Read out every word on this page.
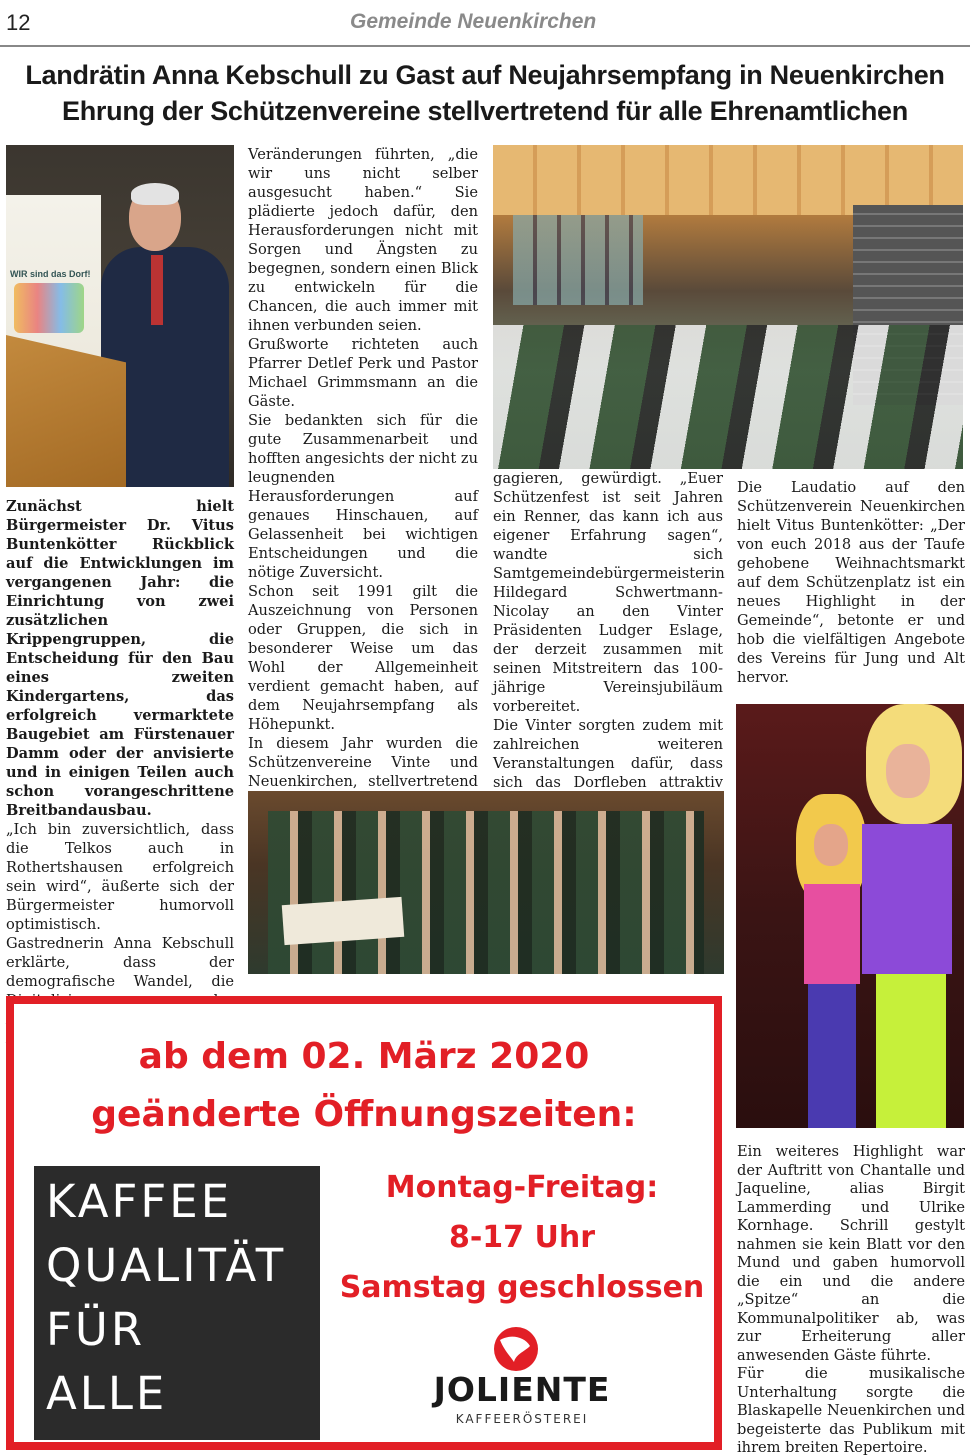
12	Gemeinde Neuenkirchen
Landrätin Anna Kebschull zu Gast auf Neujahrsempfang in Neuenkirchen
Ehrung der Schützenvereine stellvertretend für alle Ehrenamtlichen
WIR sind das Dorf!

Zunächst hielt Bürgermeister Dr. Vitus Buntenkötter Rückblick auf die Entwicklungen im vergangenen Jahr: die Einrichtung von zwei zusätzlichen Krippengruppen, die Entscheidung für den Bau eines zweiten Kindergartens, das erfolgreich vermarktete Baugebiet am Fürstenauer Damm oder der anvisierte und in einigen Teilen auch schon vorangeschrittene Breitbandausbau.

„Ich bin zuversichtlich, dass die Telkos auch in Rothertshausen erfolgreich sein wird“, äußerte sich der Bürgermeister humorvoll optimistisch.

Gastrednerin Anna Kebschull erklärte, dass der demografische Wandel, die

Veränderungen führten, „die wir uns nicht selber ausgesucht haben.“ Sie plädierte jedoch dafür, den Herausforderungen nicht mit Sorgen und Ängsten zu begegnen, sondern einen Blick zu entwickeln für die Chancen, die auch immer mit ihnen verbunden seien.

Grußworte richteten auch Pfarrer Detlef Perk und Pastor Michael Grimmsmann an die Gäste.

Sie bedankten sich für die gute Zusammenarbeit und hofften angesichts der nicht zu leugnenden Herausforderungen auf genaues Hinschauen, auf Gelassenheit bei wichtigen Entscheidungen und die nötige Zuversicht.

Schon seit 1991 gilt die Auszeichnung von Personen oder Gruppen, die sich in besonderer Weise um das Wohl der Allgemeinheit verdient gemacht haben, auf dem Neujahrsempfang als Höhepunkt.

In diesem Jahr wurden die Schützenvereine Vinte und Neuenkirchen, stellvertretend

gagieren, gewürdigt. „Euer Schützenfest ist seit Jahren ein Renner, das kann ich aus eigener Erfahrung sagen“, wandte sich Samtgemeindebürgermeisterin Hildegard Schwertmann-Nicolay an den Vinter Präsidenten Ludger Eslage, der derzeit zusammen mit seinen Mitstreitern das 100-jährige Vereinsjubiläum vorbereitet.

Die Vinter sorgten zudem mit zahlreichen weiteren Veranstaltungen dafür, dass sich das Dorfleben attraktiv

Die Laudatio auf den Schützenverein Neuenkirchen hielt Vitus Buntenkötter: „Der von euch 2018 aus der Taufe gehobene Weihnachtsmarkt auf dem Schützenplatz ist ein neues Highlight in der Gemeinde“, betonte er und hob die vielfältigen Angebote des Vereins für Jung und Alt hervor.

Ein weiteres Highlight war der Auftritt von Chantalle und Jaqueline, alias Birgit Lammerding und Ulrike Kornhage. Schrill gestylt nahmen sie kein Blatt vor den Mund und gaben humorvoll die ein und die andere „Spitze“ an die Kommunalpolitiker ab, was zur Erheiterung aller anwesenden Gäste führte.

Für die musikalische Unterhaltung sorgte die Blaskapelle Neuenkirchen und begeisterte das Publikum mit ihrem breiten Repertoire.

ab dem 02. März 2020
geänderte Öffnungszeiten:
KAFFEE
QUALITÄT
FÜR
ALLE
Montag-Freitag:
8-17 Uhr
Samstag geschlossen
JOLIENTE
KAFFEERÖSTEREI
